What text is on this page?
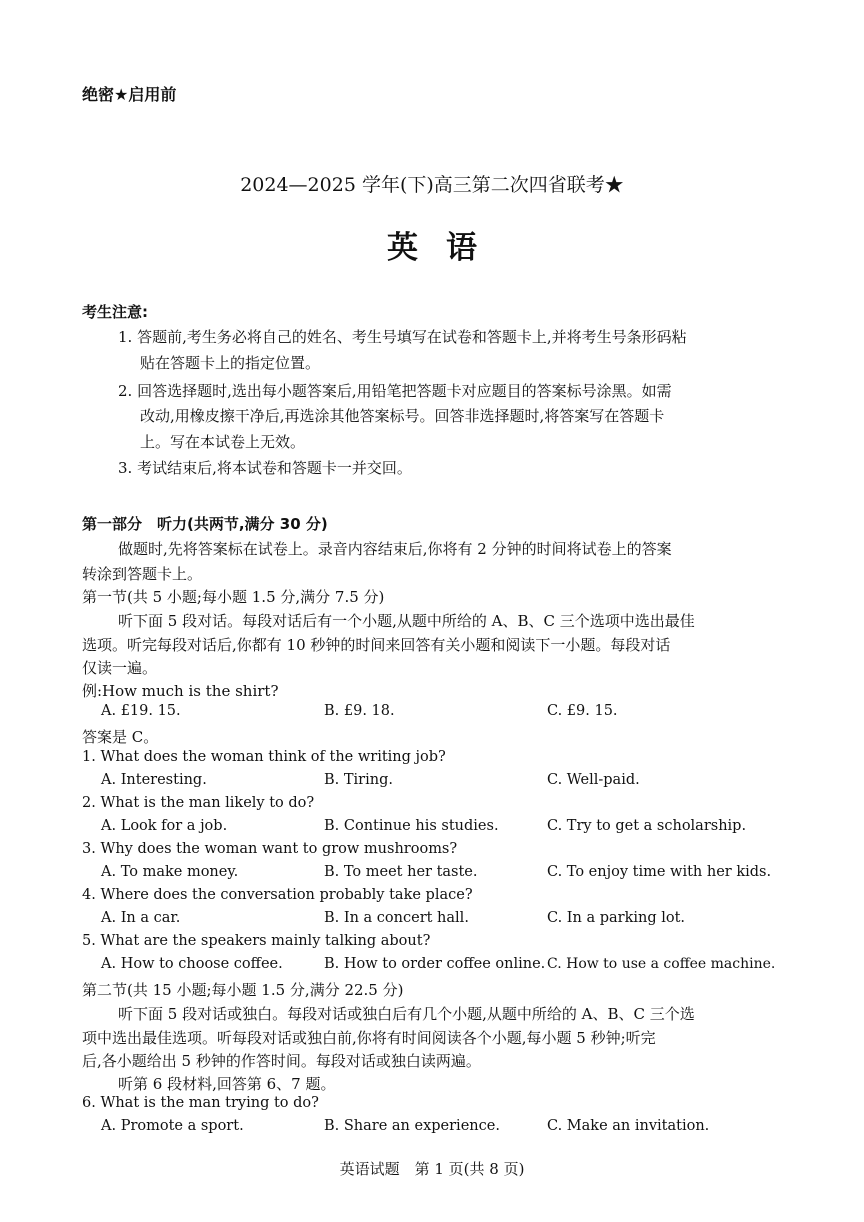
绝密★启用前
2024—2025 学年(下)高三第二次四省联考★
英语
考生注意:
1. 答题前,考生务必将自己的姓名、考生号填写在试卷和答题卡上,并将考生号条形码粘
贴在答题卡上的指定位置。
2. 回答选择题时,选出每小题答案后,用铅笔把答题卡对应题目的答案标号涂黑。如需
改动,用橡皮擦干净后,再选涂其他答案标号。回答非选择题时,将答案写在答题卡
上。写在本试卷上无效。
3. 考试结束后,将本试卷和答题卡一并交回。
第一部分　听力(共两节,满分 30 分)
做题时,先将答案标在试卷上。录音内容结束后,你将有 2 分钟的时间将试卷上的答案
转涂到答题卡上。
第一节(共 5 小题;每小题 1.5 分,满分 7.5 分)
听下面 5 段对话。每段对话后有一个小题,从题中所给的 A、B、C 三个选项中选出最佳
选项。听完每段对话后,你都有 10 秒钟的时间来回答有关小题和阅读下一小题。每段对话
仅读一遍。
例:How much is the shirt?
A. £19. 15.	B. £9. 18.	C. £9. 15.
答案是 C。
1. What does the woman think of the writing job?
A. Interesting.	B. Tiring.	C. Well-paid.
2. What is the man likely to do?
A. Look for a job.	B. Continue his studies.	C. Try to get a scholarship.
3. Why does the woman want to grow mushrooms?
A. To make money.	B. To meet her taste.	C. To enjoy time with her kids.
4. Where does the conversation probably take place?
A. In a car.	B. In a concert hall.	C. In a parking lot.
5. What are the speakers mainly talking about?
A. How to choose coffee.	B. How to order coffee online. C. How to use a coffee machine.
第二节(共 15 小题;每小题 1.5 分,满分 22.5 分)
听下面 5 段对话或独白。每段对话或独白后有几个小题,从题中所给的 A、B、C 三个选
项中选出最佳选项。听每段对话或独白前,你将有时间阅读各个小题,每小题 5 秒钟;听完
后,各小题给出 5 秒钟的作答时间。每段对话或独白读两遍。
听第 6 段材料,回答第 6、7 题。
6. What is the man trying to do?
A. Promote a sport.	B. Share an experience.	C. Make an invitation.
英语试题　第 1 页(共 8 页)
